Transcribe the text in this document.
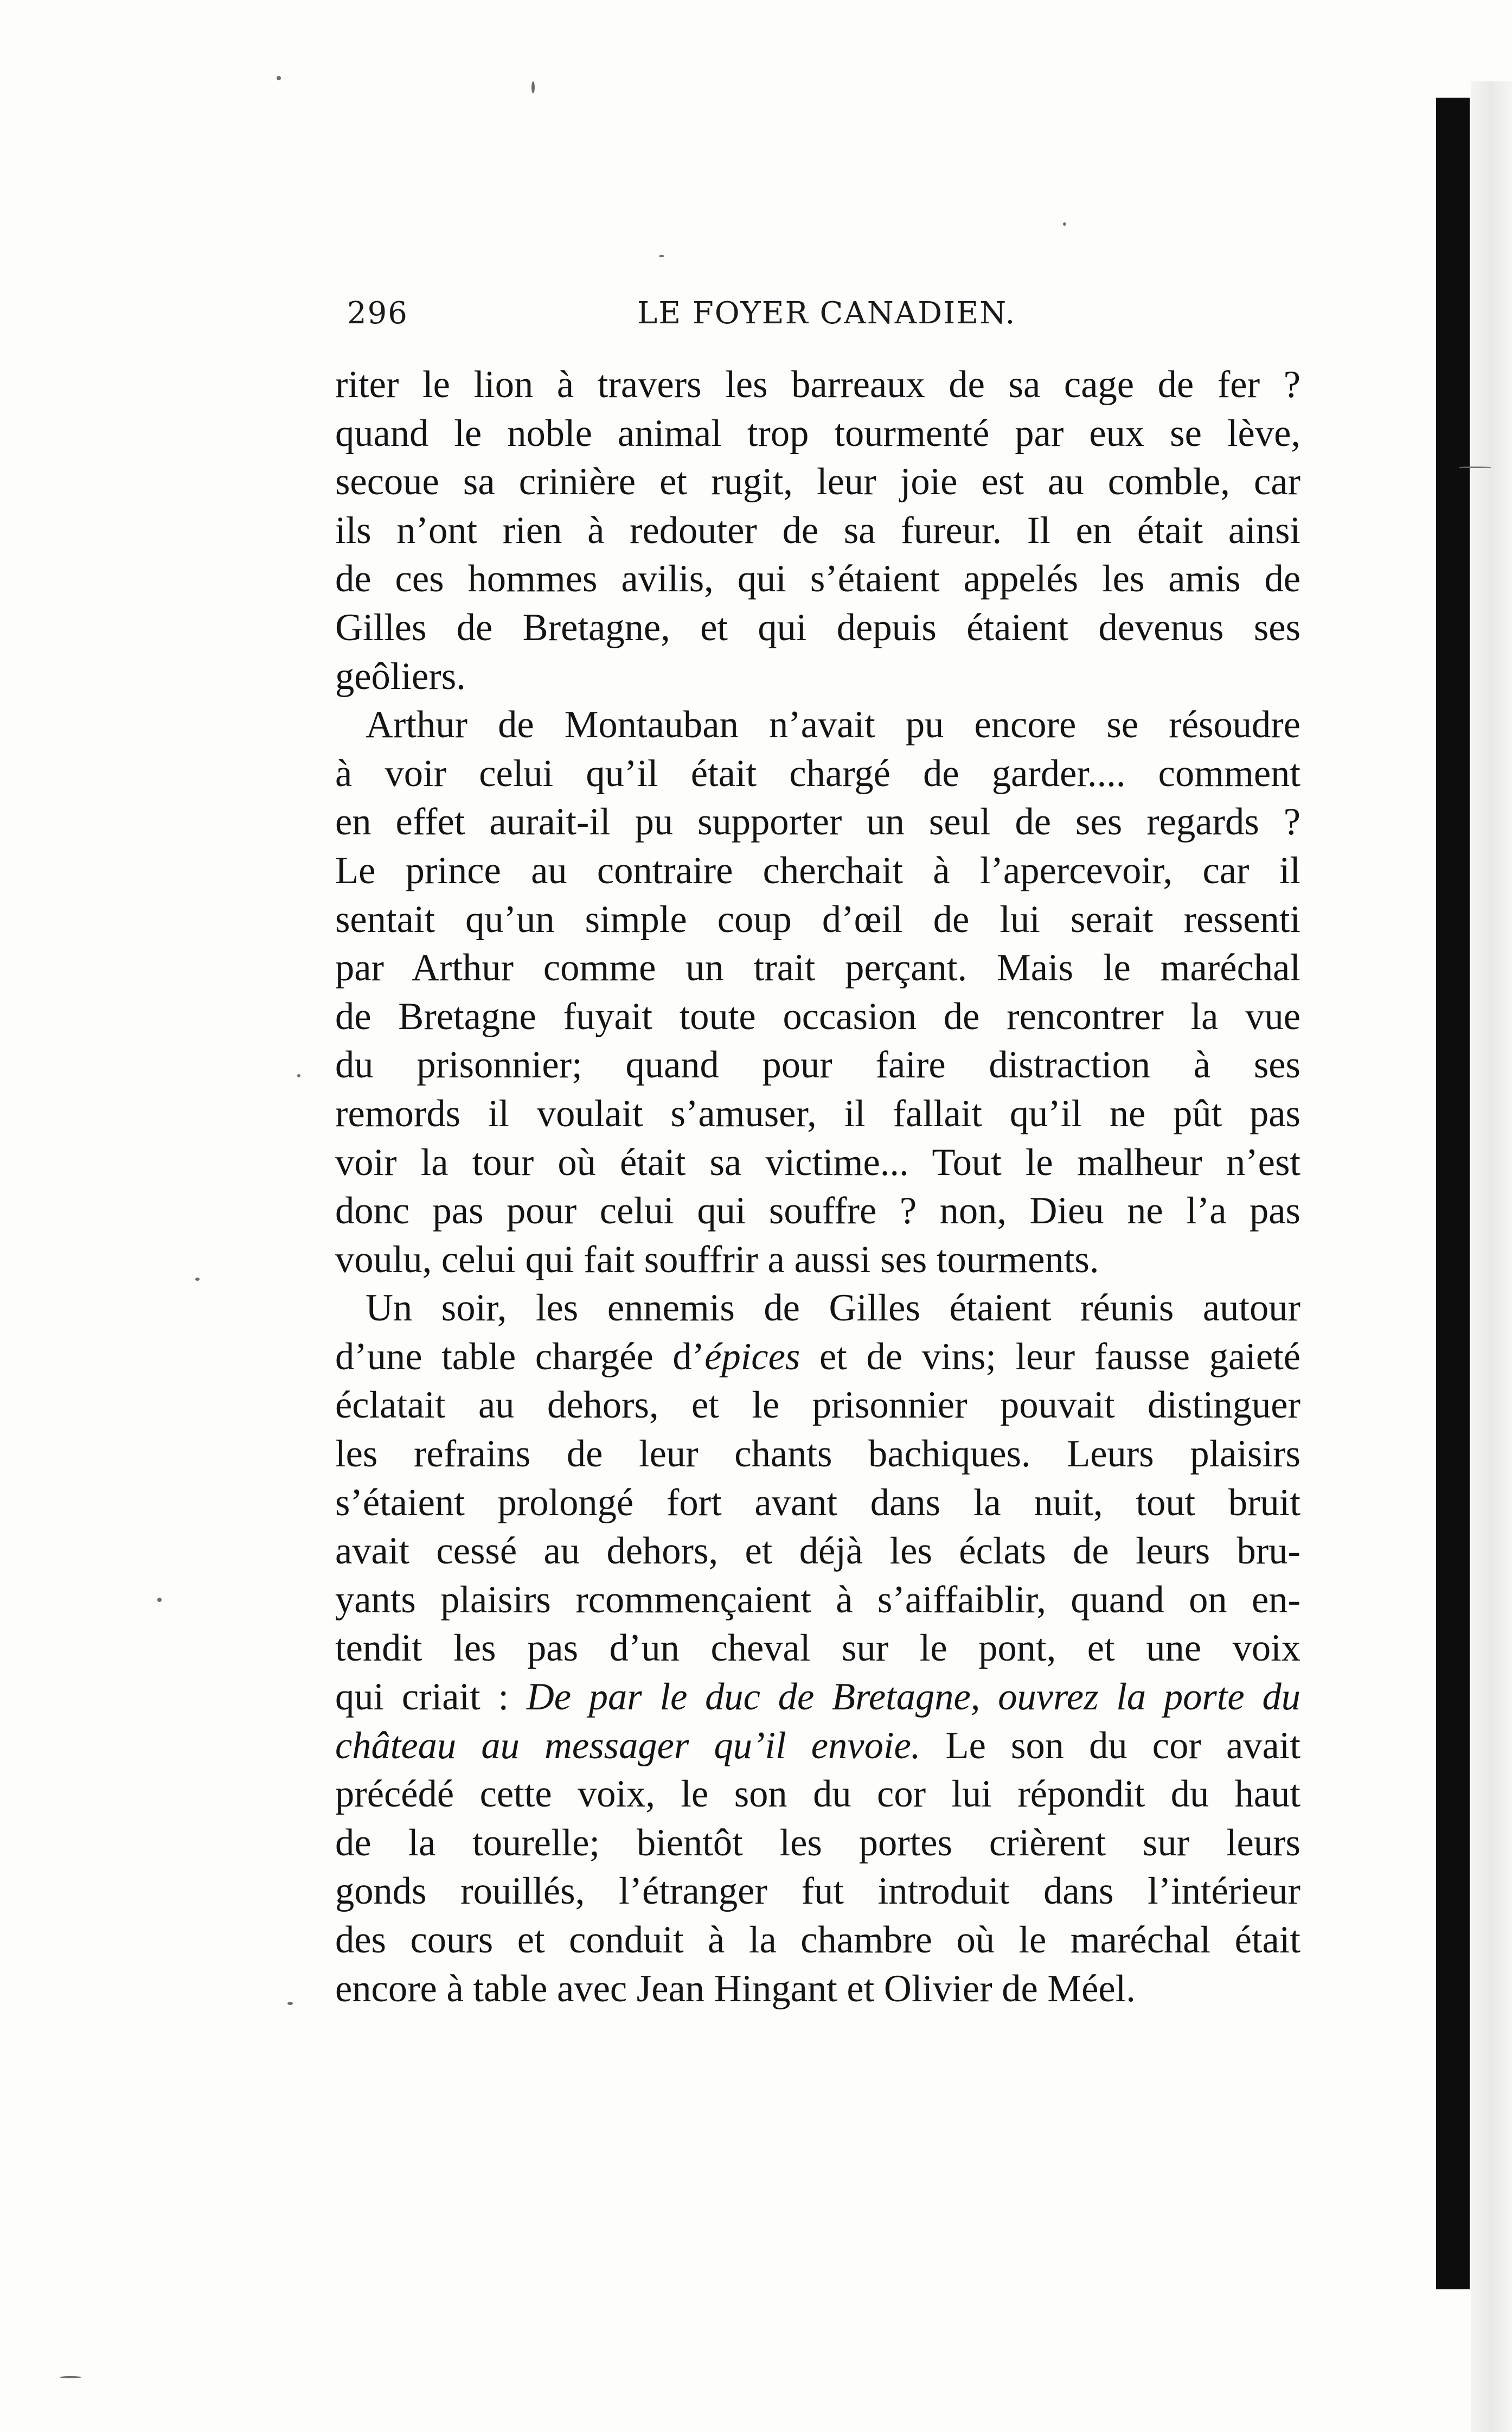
296	LE FOYER CANADIEN.
riter le lion à travers les barreaux de sa cage de fer ?
quand le noble animal trop tourmenté par eux se lève,
secoue sa crinière et rugit, leur joie est au comble, car
ils n’ont rien à redouter de sa fureur. Il en était ainsi
de ces hommes avilis, qui s’étaient appelés les amis de
Gilles de Bretagne, et qui depuis étaient devenus ses
geôliers.
Arthur de Montauban n’avait pu encore se résoudre
à voir celui qu’il était chargé de garder.... comment
en effet aurait-il pu supporter un seul de ses regards ?
Le prince au contraire cherchait à l’apercevoir, car il
sentait qu’un simple coup d’œil de lui serait ressenti
par Arthur comme un trait perçant. Mais le maréchal
de Bretagne fuyait toute occasion de rencontrer la vue
du prisonnier; quand pour faire distraction à ses
remords il voulait s’amuser, il fallait qu’il ne pût pas
voir la tour où était sa victime... Tout le malheur n’est
donc pas pour celui qui souffre ? non, Dieu ne l’a pas
voulu, celui qui fait souffrir a aussi ses tourments.
Un soir, les ennemis de Gilles étaient réunis autour
d’une table chargée d’épices et de vins; leur fausse gaieté
éclatait au dehors, et le prisonnier pouvait distinguer
les refrains de leur chants bachiques. Leurs plaisirs
s’étaient prolongé fort avant dans la nuit, tout bruit
avait cessé au dehors, et déjà les éclats de leurs bru-
yants plaisirs rcommençaient à s’aiffaiblir, quand on en-
tendit les pas d’un cheval sur le pont, et une voix
qui criait : De par le duc de Bretagne, ouvrez la porte du
château au messager qu’il envoie. Le son du cor avait
précédé cette voix, le son du cor lui répondit du haut
de la tourelle; bientôt les portes crièrent sur leurs
gonds rouillés, l’étranger fut introduit dans l’intérieur
des cours et conduit à la chambre où le maréchal était
encore à table avec Jean Hingant et Olivier de Méel.
